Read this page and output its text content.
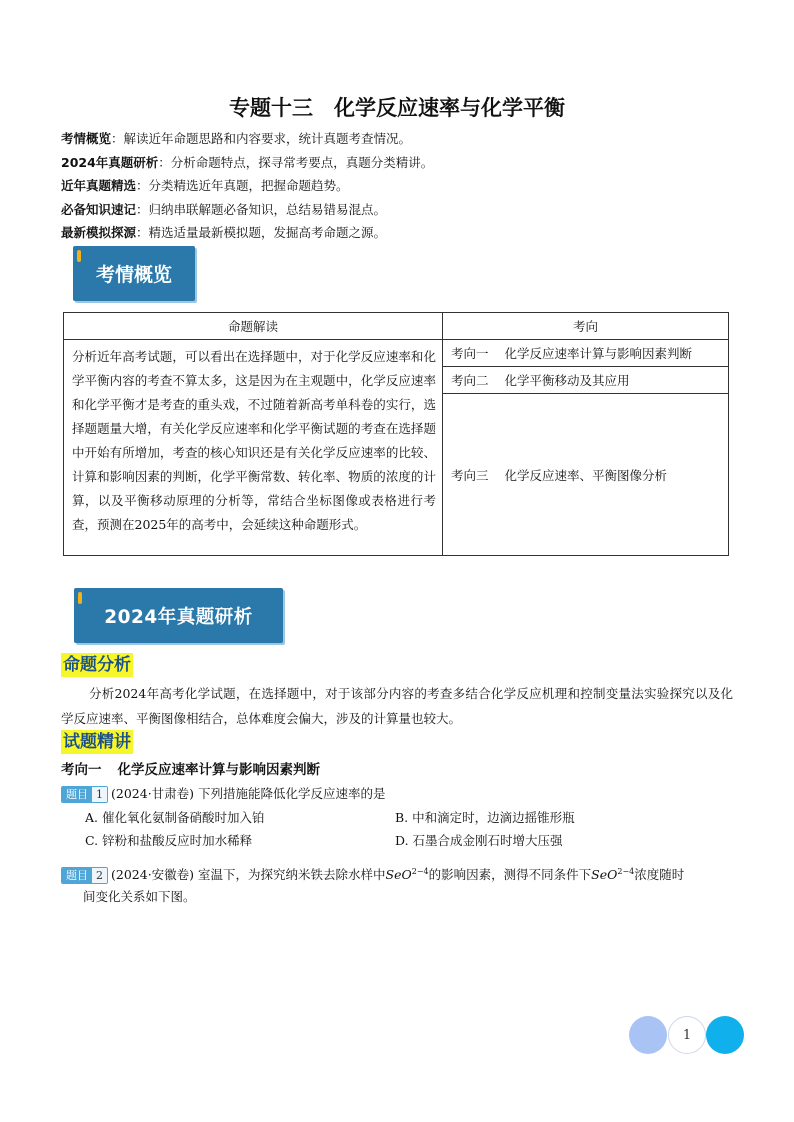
专题十三　化学反应速率与化学平衡
考情概览：解读近年命题思路和内容要求，统计真题考查情况。
2024年真题研析：分析命题特点，探寻常考要点，真题分类精讲。
近年真题精选：分类精选近年真题，把握命题趋势。
必备知识速记：归纳串联解题必备知识，总结易错易混点。
最新模拟探源：精选适量最新模拟题，发掘高考命题之源。
考情概览
命题解读	考向
分析近年高考试题，可以看出在选择题中，对于化学反应速率和化学平衡内容的考查不算太多，这是因为在主观题中，化学反应速率和化学平衡才是考查的重头戏，不过随着新高考单科卷的实行，选择题题量大增，有关化学反应速率和化学平衡试题的考查在选择题中开始有所增加，考查的核心知识还是有关化学反应速率的比较、计算和影响因素的判断，化学平衡常数、转化率、物质的浓度的计算，以及平衡移动原理的分析等，常结合坐标图像或表格进行考查，预测在2025年的高考中，会延续这种命题形式。	考向一 化学反应速率计算与影响因素判断
	考向二 化学平衡移动及其应用
	考向三 化学反应速率、平衡图像分析
2024年真题研析
命题分析
分析2024年高考化学试题，在选择题中，对于该部分内容的考查多结合化学反应机理和控制变量法实验探究以及化学反应速率、平衡图像相结合，总体难度会偏大，涉及的计算量也较大。
试题精讲
考向一 化学反应速率计算与影响因素判断
题目 1 (2024·甘肃卷) 下列措施能降低化学反应速率的是
A. 催化氧化氨制备硝酸时加入铂	B. 中和滴定时，边滴边摇锥形瓶
C. 锌粉和盐酸反应时加水稀释	D. 石墨合成金刚石时增大压强
题目 2 (2024·安徽卷) 室温下，为探究纳米铁去除水样中SeO$^{2-4}$的影响因素，测得不同条件下SeO$^{2-4}$浓度随时
间变化关系如下图。
1
